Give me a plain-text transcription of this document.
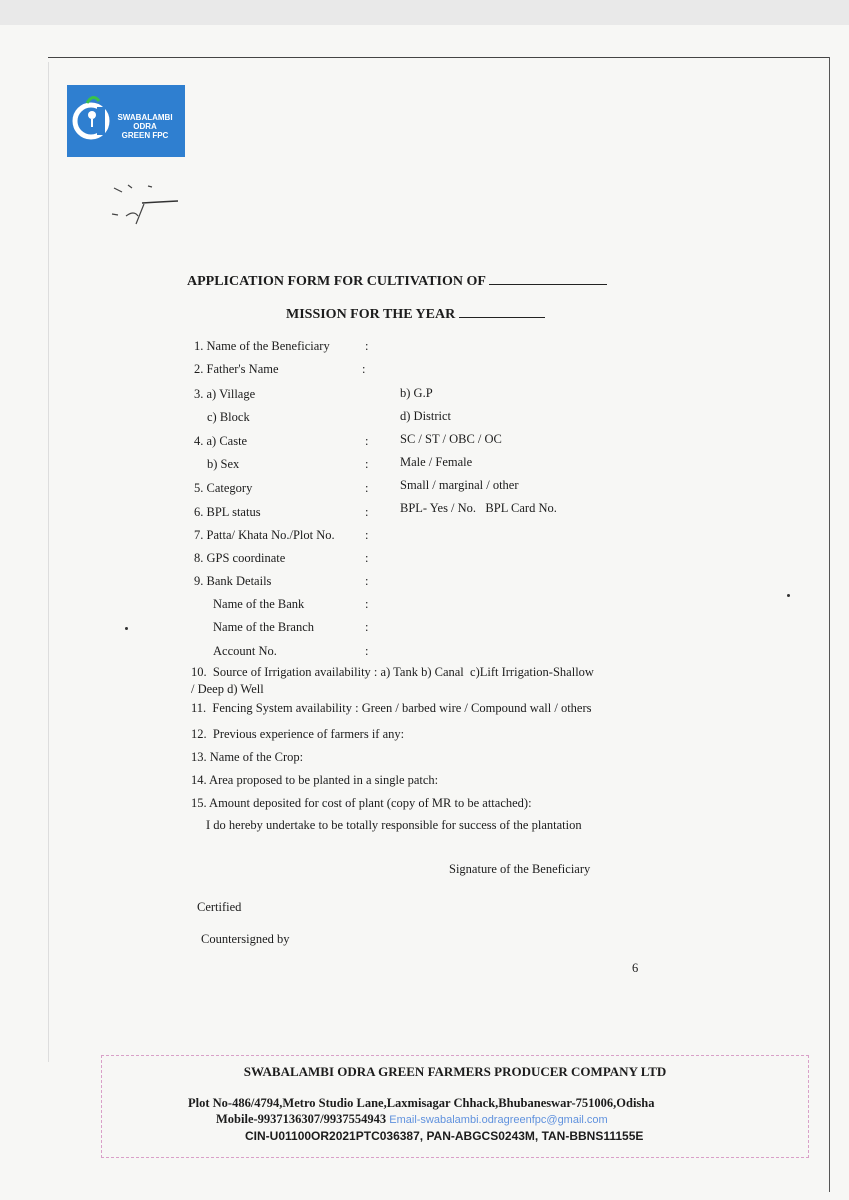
SWABALAMBI ODRA
GREEN FPC
APPLICATION FORM FOR CULTIVATION OF
MISSION FOR THE YEAR
1. Name of the Beneficiary	:
2. Father's Name	:
3. a) Village	b) G.P
c) Block	d) District
4. a) Caste	:	SC / ST / OBC / OC
b) Sex	:	Male / Female
5. Category	:	Small / marginal / other
6. BPL status	:	BPL- Yes / No.   BPL Card No.
7. Patta/ Khata No./Plot No. :
8. GPS coordinate	:
9. Bank Details	:
Name of the Bank	:
Name of the Branch	:
Account No.	:
10.  Source of Irrigation availability : a) Tank b) Canal  c)Lift Irrigation-Shallow
/ Deep d) Well
11.  Fencing System availability : Green / barbed wire / Compound wall / others
12.  Previous experience of farmers if any:
13. Name of the Crop:
14. Area proposed to be planted in a single patch:
15. Amount deposited for cost of plant (copy of MR to be attached):
I do hereby undertake to be totally responsible for success of the plantation
Signature of the Beneficiary
Certified
Countersigned by
6
SWABALAMBI ODRA GREEN FARMERS PRODUCER COMPANY LTD
Plot No-486/4794,Metro Studio Lane,Laxmisagar Chhack,Bhubaneswar-751006,Odisha
Mobile-9937136307/9937554943 Email-swabalambi.odragreenfpc@gmail.com
CIN-U01100OR2021PTC036387, PAN-ABGCS0243M, TAN-BBNS11155E
